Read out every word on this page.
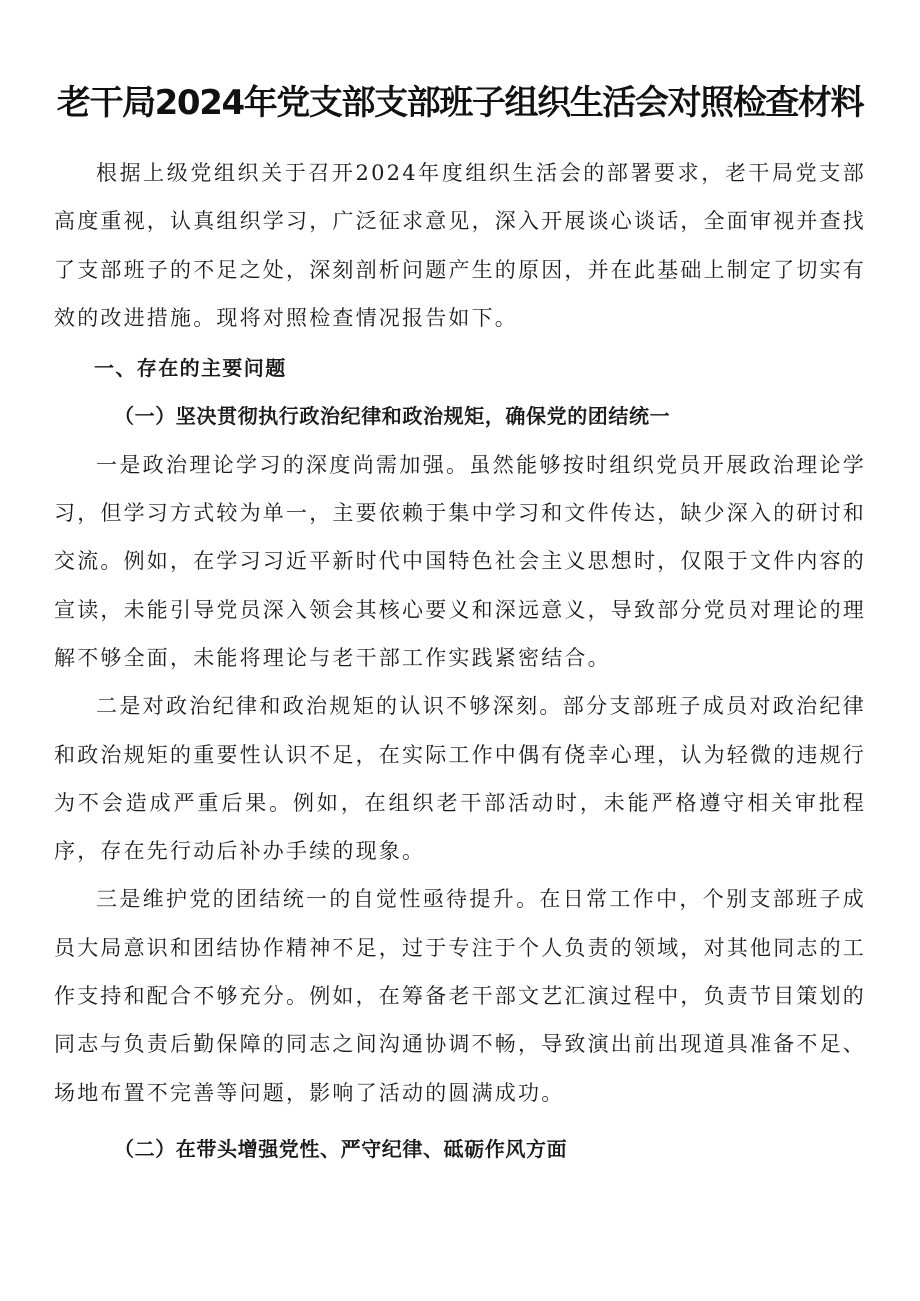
老干局2024年党支部支部班子组织生活会对照检查材料

根据上级党组织关于召开2024年度组织生活会的部署要求，老干局党支部高度重视，认真组织学习，广泛征求意见，深入开展谈心谈话，全面审视并查找了支部班子的不足之处，深刻剖析问题产生的原因，并在此基础上制定了切实有效的改进措施。现将对照检查情况报告如下。

一、存在的主要问题

（一）坚决贯彻执行政治纪律和政治规矩，确保党的团结统一

一是政治理论学习的深度尚需加强。虽然能够按时组织党员开展政治理论学习，但学习方式较为单一，主要依赖于集中学习和文件传达，缺少深入的研讨和交流。例如，在学习习近平新时代中国特色社会主义思想时，仅限于文件内容的宣读，未能引导党员深入领会其核心要义和深远意义，导致部分党员对理论的理解不够全面，未能将理论与老干部工作实践紧密结合。

二是对政治纪律和政治规矩的认识不够深刻。部分支部班子成员对政治纪律和政治规矩的重要性认识不足，在实际工作中偶有侥幸心理，认为轻微的违规行为不会造成严重后果。例如，在组织老干部活动时，未能严格遵守相关审批程序，存在先行动后补办手续的现象。

三是维护党的团结统一的自觉性亟待提升。在日常工作中，个别支部班子成员大局意识和团结协作精神不足，过于专注于个人负责的领域，对其他同志的工作支持和配合不够充分。例如，在筹备老干部文艺汇演过程中，负责节目策划的同志与负责后勤保障的同志之间沟通协调不畅，导致演出前出现道具准备不足、场地布置不完善等问题，影响了活动的圆满成功。

（二）在带头增强党性、严守纪律、砥砺作风方面
